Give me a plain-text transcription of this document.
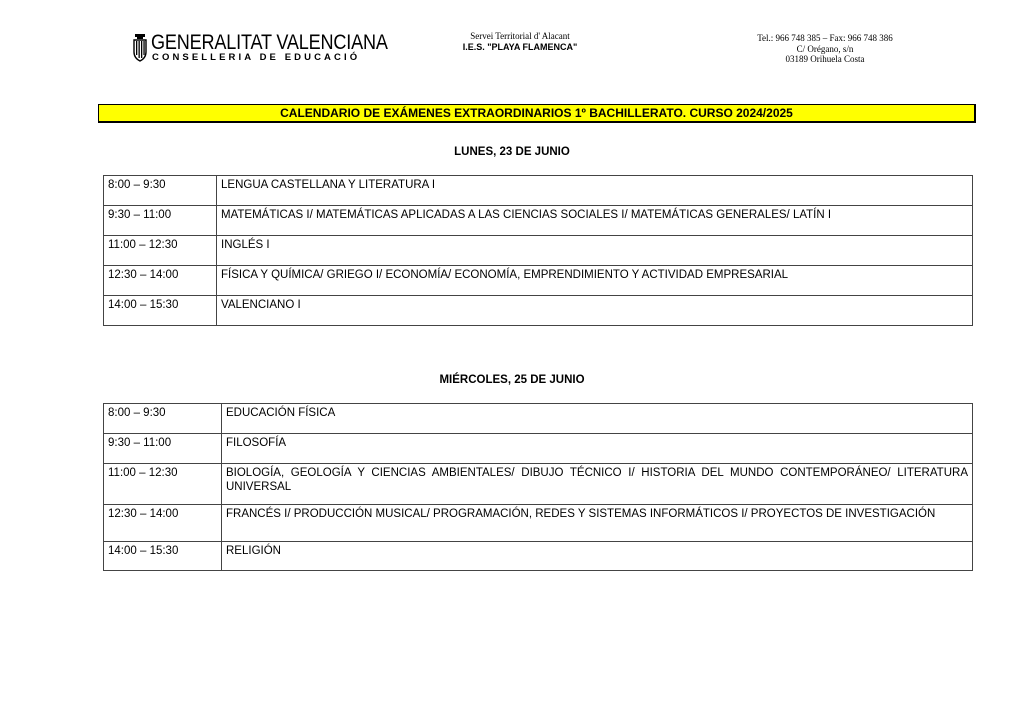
GENERALITAT VALENCIANA
CONSELLERIA DE EDUCACIÓ
Servei Territorial d' Alacant
I.E.S. "PLAYA FLAMENCA"
Tel.: 966 748 385 – Fax: 966 748 386
C/ Orégano, s/n
03189 Orihuela Costa
CALENDARIO DE EXÁMENES EXTRAORDINARIOS 1º BACHILLERATO. CURSO 2024/2025
LUNES, 23 DE JUNIO
8:00 – 9:30	LENGUA CASTELLANA Y LITERATURA I
9:30 – 11:00	MATEMÁTICAS I/ MATEMÁTICAS APLICADAS A LAS CIENCIAS SOCIALES I/ MATEMÁTICAS GENERALES/ LATÍN I
11:00 – 12:30	INGLÉS I
12:30 – 14:00	FÍSICA Y QUÍMICA/ GRIEGO I/ ECONOMÍA/ ECONOMÍA, EMPRENDIMIENTO Y ACTIVIDAD EMPRESARIAL
14:00 – 15:30	VALENCIANO I
MIÉRCOLES, 25 DE JUNIO
8:00 – 9:30	EDUCACIÓN FÍSICA
9:30 – 11:00	FILOSOFÍA
11:00 – 12:30	BIOLOGÍA, GEOLOGÍA Y CIENCIAS AMBIENTALES/ DIBUJO TÉCNICO I/ HISTORIA DEL MUNDO CONTEMPORÁNEO/ LITERATURA UNIVERSAL
12:30 – 14:00	FRANCÉS I/ PRODUCCIÓN MUSICAL/ PROGRAMACIÓN, REDES Y SISTEMAS INFORMÁTICOS I/ PROYECTOS DE INVESTIGACIÓN
14:00 – 15:30	RELIGIÓN
